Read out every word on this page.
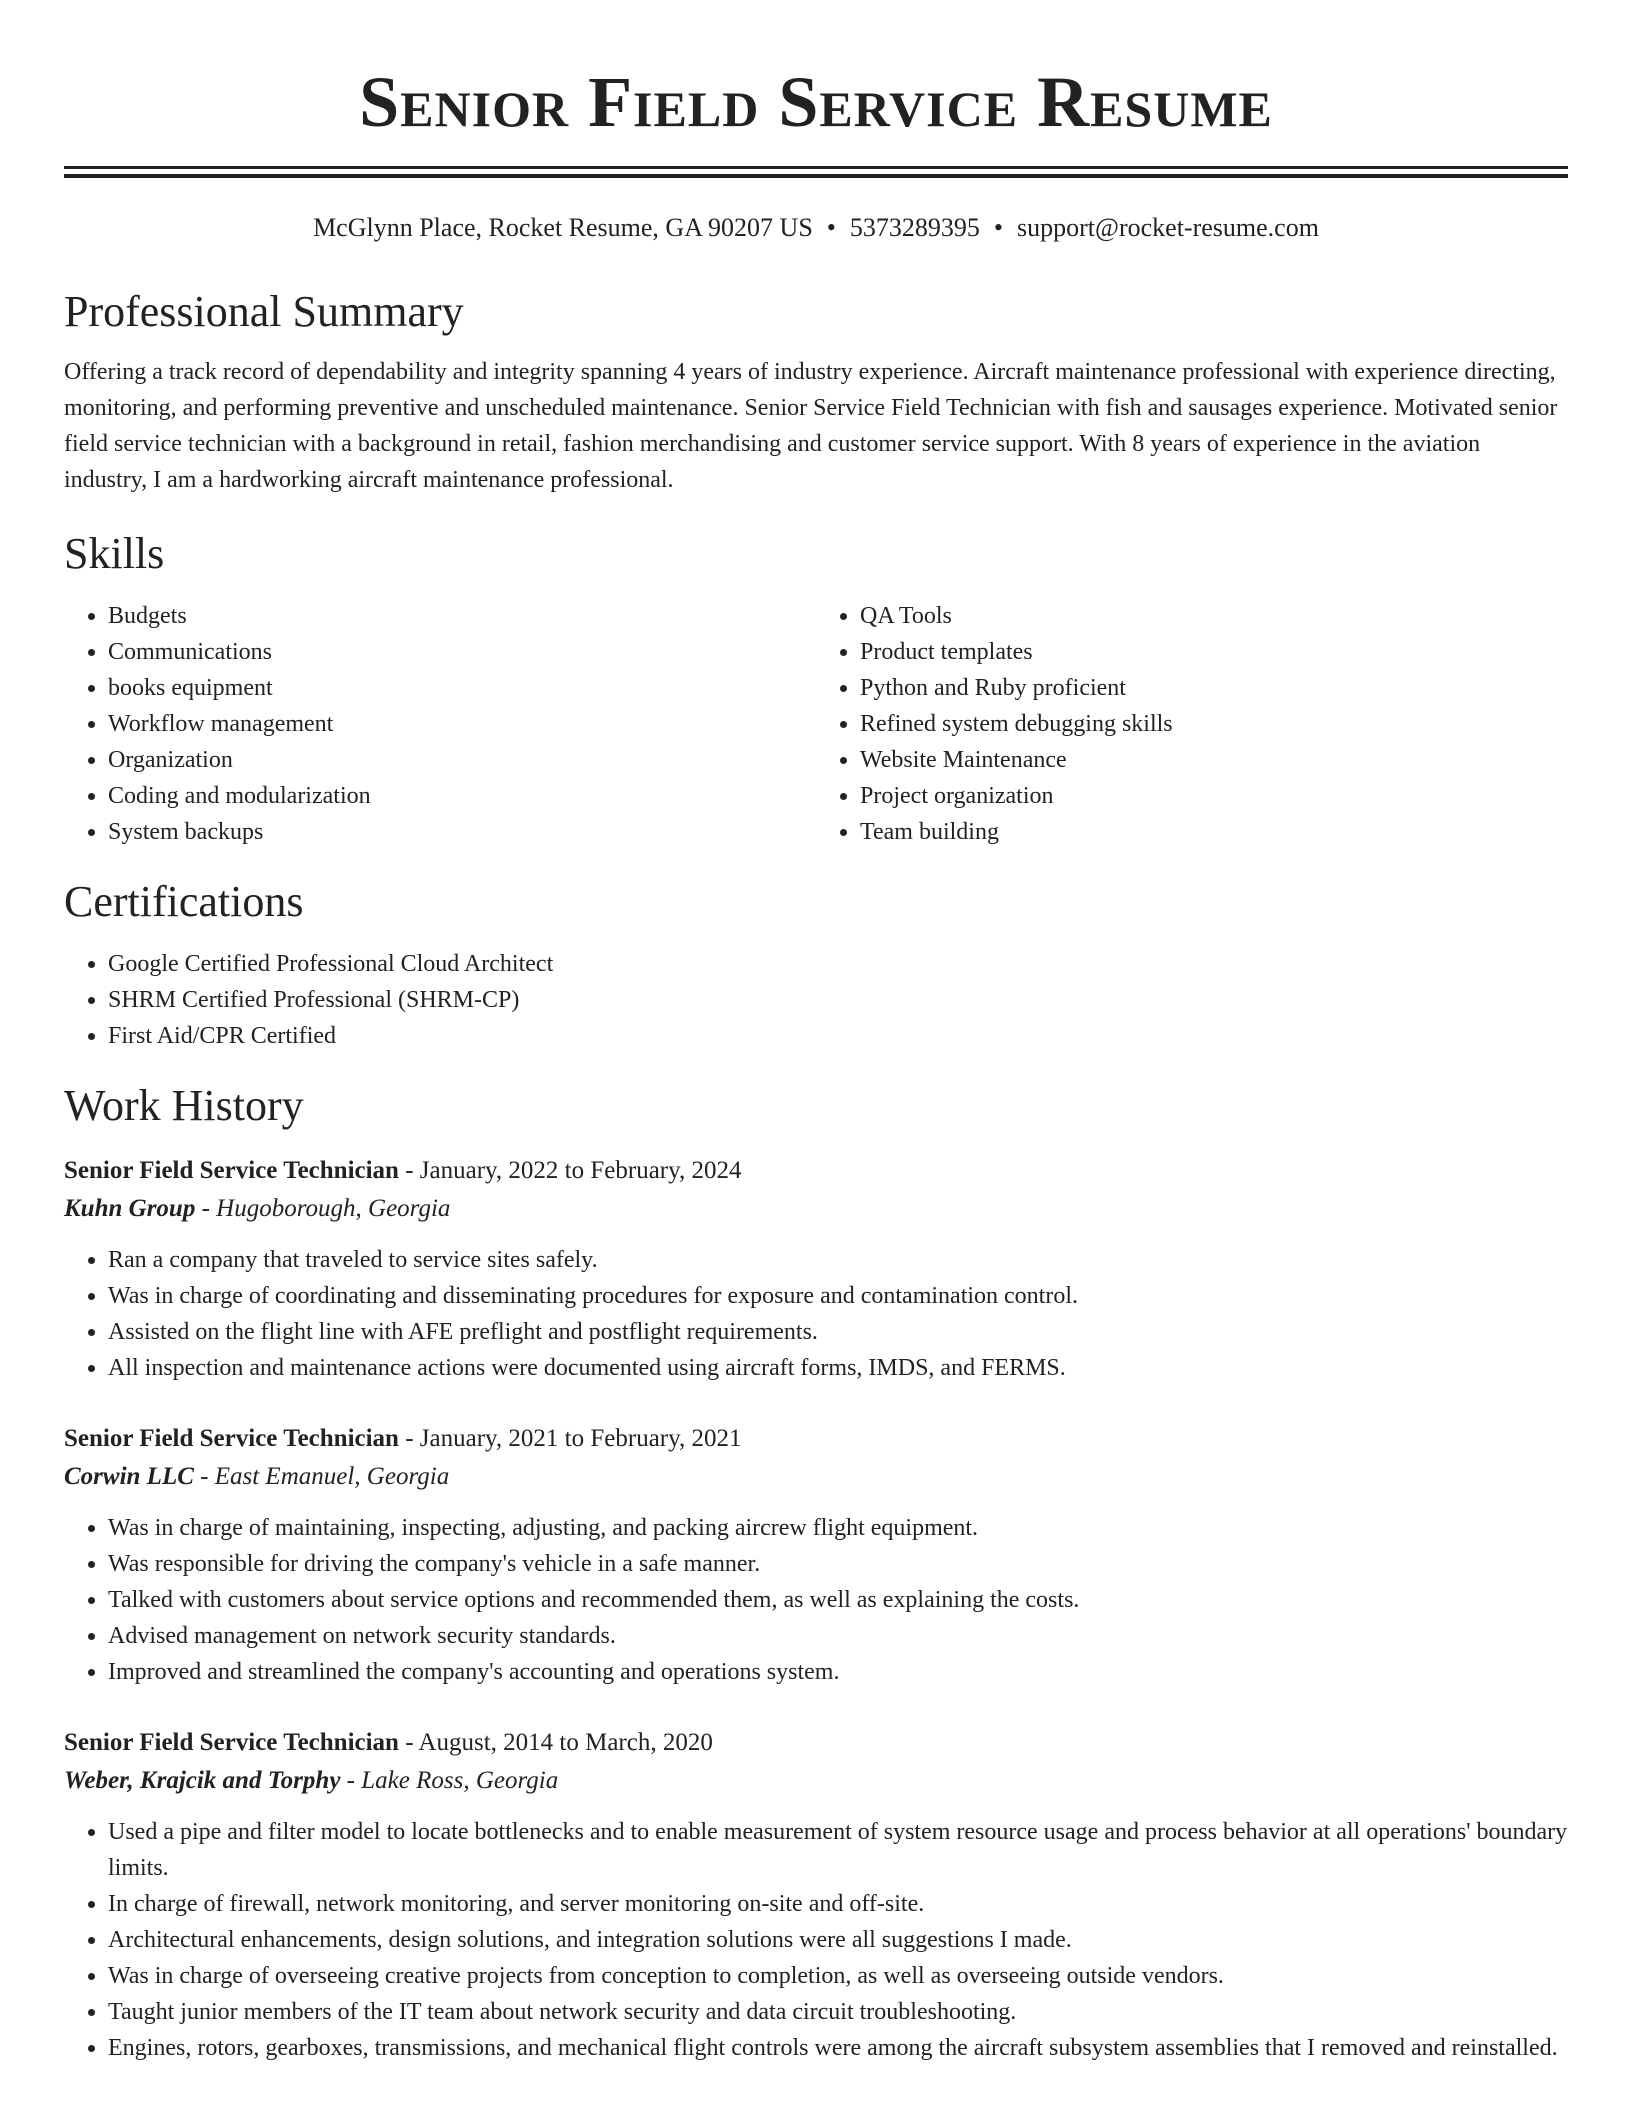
Senior Field Service Resume
McGlynn Place, Rocket Resume, GA 90207 US • 5373289395 • support@rocket-resume.com
Professional Summary

Offering a track record of dependability and integrity spanning 4 years of industry experience. Aircraft maintenance professional with experience directing, monitoring, and performing preventive and unscheduled maintenance. Senior Service Field Technician with fish and sausages experience. Motivated senior field service technician with a background in retail, fashion merchandising and customer service support. With 8 years of experience in the aviation industry, I am a hardworking aircraft maintenance professional.

Skills
• Budgets
• Communications
• books equipment
• Workflow management
• Organization
• Coding and modularization
• System backups
• QA Tools
• Product templates
• Python and Ruby proficient
• Refined system debugging skills
• Website Maintenance
• Project organization
• Team building
Certifications
• Google Certified Professional Cloud Architect
• SHRM Certified Professional (SHRM-CP)
• First Aid/CPR Certified
Work History
Senior Field Service Technician - January, 2022 to February, 2024
Kuhn Group - Hugoborough, Georgia
• Ran a company that traveled to service sites safely.
• Was in charge of coordinating and disseminating procedures for exposure and contamination control.
• Assisted on the flight line with AFE preflight and postflight requirements.
• All inspection and maintenance actions were documented using aircraft forms, IMDS, and FERMS.
Senior Field Service Technician - January, 2021 to February, 2021
Corwin LLC - East Emanuel, Georgia
• Was in charge of maintaining, inspecting, adjusting, and packing aircrew flight equipment.
• Was responsible for driving the company's vehicle in a safe manner.
• Talked with customers about service options and recommended them, as well as explaining the costs.
• Advised management on network security standards.
• Improved and streamlined the company's accounting and operations system.
Senior Field Service Technician - August, 2014 to March, 2020
Weber, Krajcik and Torphy - Lake Ross, Georgia
• Used a pipe and filter model to locate bottlenecks and to enable measurement of system resource usage and process behavior at all operations' boundary limits.
• In charge of firewall, network monitoring, and server monitoring on-site and off-site.
• Architectural enhancements, design solutions, and integration solutions were all suggestions I made.
• Was in charge of overseeing creative projects from conception to completion, as well as overseeing outside vendors.
• Taught junior members of the IT team about network security and data circuit troubleshooting.
• Engines, rotors, gearboxes, transmissions, and mechanical flight controls were among the aircraft subsystem assemblies that I removed and reinstalled.
